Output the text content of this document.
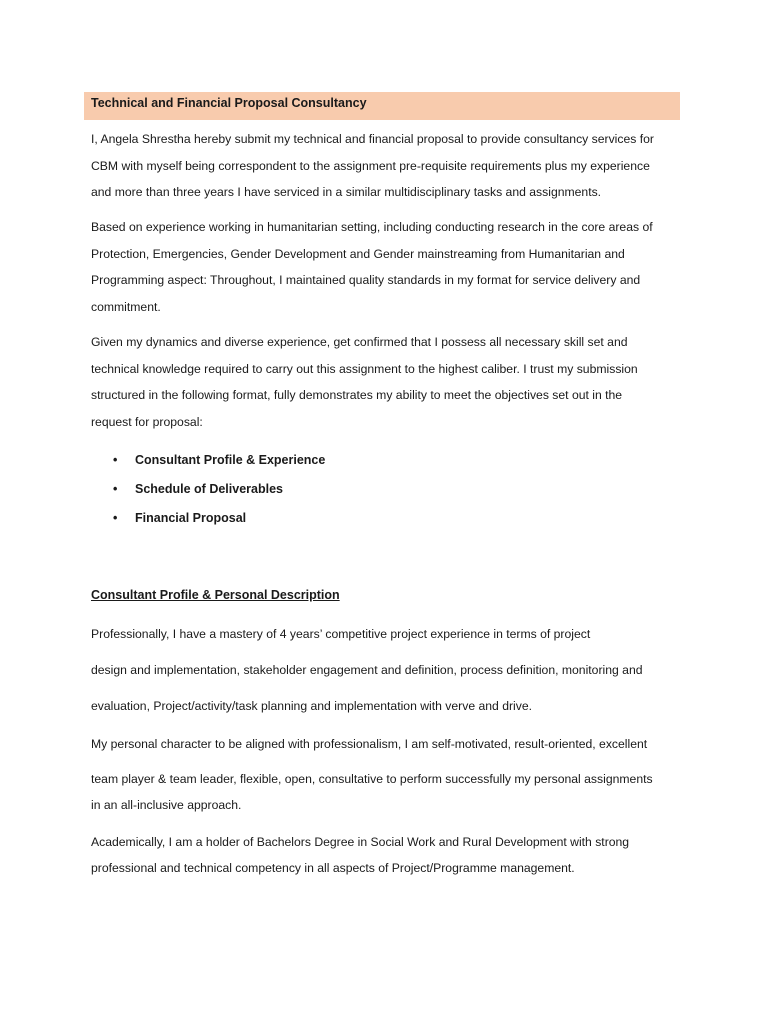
Technical and Financial Proposal Consultancy

I, Angela Shrestha hereby submit my technical and financial proposal to provide consultancy services for
CBM with myself being correspondent to the assignment pre-requisite requirements plus my experience
and more than three years I have serviced in a similar multidisciplinary tasks and assignments.

Based on experience working in humanitarian setting, including conducting research in the core areas of
Protection, Emergencies, Gender Development and Gender mainstreaming from Humanitarian and
Programming aspect: Throughout, I maintained quality standards in my format for service delivery and
commitment.

Given my dynamics and diverse experience, get confirmed that I possess all necessary skill set and
technical knowledge required to carry out this assignment to the highest caliber. I trust my submission
structured in the following format, fully demonstrates my ability to meet the objectives set out in the
request for proposal:

• Consultant Profile & Experience
• Schedule of Deliverables
• Financial Proposal
Consultant Profile & Personal Description
Professionally, I have a mastery of 4 years’ competitive project experience in terms of project
design and implementation, stakeholder engagement and definition, process definition, monitoring and
evaluation, Project/activity/task planning and implementation with verve and drive.
My personal character to be aligned with professionalism, I am self-motivated, result-oriented, excellent
team player & team leader, flexible, open, consultative to perform successfully my personal assignments
in an all-inclusive approach.
Academically, I am a holder of Bachelors Degree in Social Work and Rural Development with strong
professional and technical competency in all aspects of Project/Programme management.
